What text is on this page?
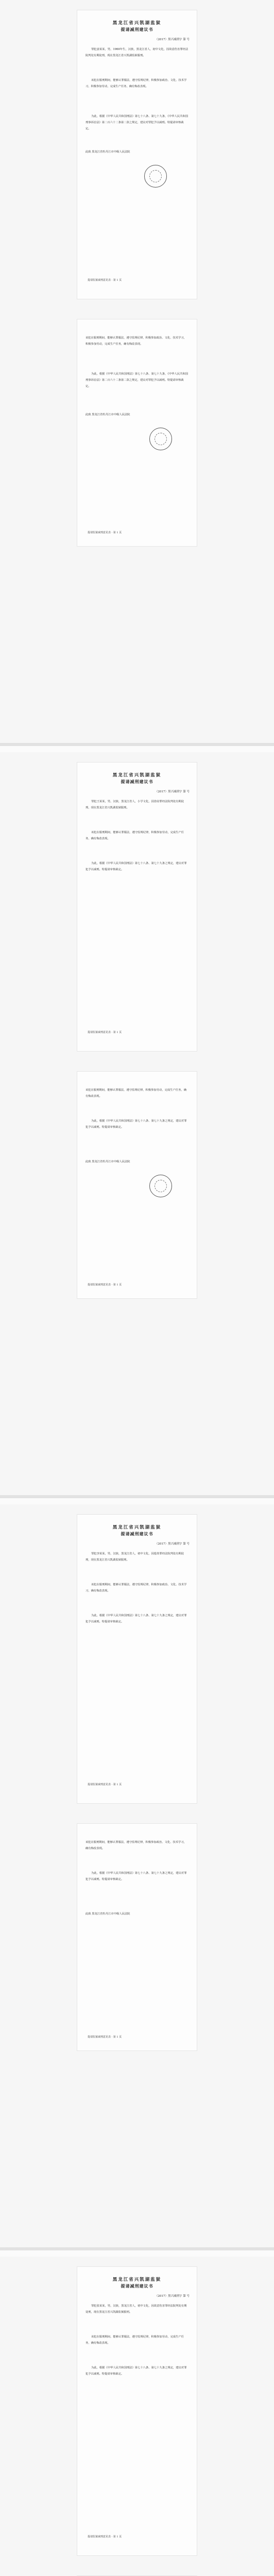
黑龙江省兴凯湖监狱
提请减刑建议书
（2017）黑兴减刑字 第 号
罪犯姜某某，男，1960年生，汉族，黑龙江省人，初中文化，因故意伤害罪经法院判处有期徒刑，现在黑龙江省兴凯湖监狱服刑。
该犯在服刑期间，能够认罪服法，遵守监规纪律，积极参加政治、文化、技术学习，积极参加劳动，完成生产任务，确有悔改表现。
为此，根据《中华人民共和国刑法》第七十八条、第七十九条，《中华人民共和国刑事诉讼法》第二百六十二条第二款之规定，建议对罪犯予以减刑。特提请审核裁定。
此致 黑龙江省牡丹江市中级人民法院
提请监狱减刑意见表 · 第 1 页
该犯在服刑期间，能够认罪服法，遵守监规纪律，积极参加政治、文化、技术学习，积极参加劳动，完成生产任务，确有悔改表现。
为此，根据《中华人民共和国刑法》第七十八条、第七十九条，《中华人民共和国刑事诉讼法》第二百六十二条第二款之规定，建议对罪犯予以减刑。特提请审核裁定。
此致 黑龙江省牡丹江市中级人民法院
提请监狱减刑意见表 · 第 1 页
黑龙江省兴凯湖监狱
提请减刑建议书
（2017）黑兴减刑字 第 号
罪犯王某某，男，汉族，黑龙江省人，小学文化，因盗窃罪经法院判处有期徒刑，现在黑龙江省兴凯湖监狱服刑。
该犯在服刑期间，能够认罪服法，遵守监规纪律，积极参加劳动，完成生产任务，确有悔改表现。
为此，根据《中华人民共和国刑法》第七十八条、第七十九条之规定，建议对罪犯予以减刑。特提请审核裁定。
提请监狱减刑意见表 · 第 1 页
该犯在服刑期间，能够认罪服法，遵守监规纪律，积极参加劳动，完成生产任务，确有悔改表现。
为此，根据《中华人民共和国刑法》第七十八条、第七十九条之规定，建议对罪犯予以减刑。特提请审核裁定。
此致 黑龙江省牡丹江市中级人民法院
提请监狱减刑意见表 · 第 1 页
黑龙江省兴凯湖监狱
提请减刑建议书
（2017）黑兴减刑字 第 号
罪犯李某某，男，汉族，黑龙江省人，初中文化，因抢劫罪经法院判处有期徒刑，现在黑龙江省兴凯湖监狱服刑。
该犯在服刑期间，能够认罪服法，遵守监规纪律，积极参加政治、文化、技术学习，确有悔改表现。
为此，根据《中华人民共和国刑法》第七十八条、第七十九条之规定，建议对罪犯予以减刑。特提请审核裁定。
提请监狱减刑意见表 · 第 1 页
该犯在服刑期间，能够认罪服法，遵守监规纪律，积极参加政治、文化、技术学习，确有悔改表现。
为此，根据《中华人民共和国刑法》第七十八条、第七十九条之规定，建议对罪犯予以减刑。特提请审核裁定。
此致 黑龙江省牡丹江市中级人民法院
提请监狱减刑意见表 · 第 1 页
黑龙江省兴凯湖监狱
提请减刑建议书
（2017）黑兴减刑字 第 号
罪犯张某某，男，汉族，黑龙江省人，初中文化，因故意伤害罪经法院判处有期徒刑，现在黑龙江省兴凯湖监狱服刑。
该犯在服刑期间，能够认罪服法，遵守监规纪律，积极参加劳动，完成生产任务，确有悔改表现。
为此，根据《中华人民共和国刑法》第七十八条、第七十九条之规定，建议对罪犯予以减刑。特提请审核裁定。
提请监狱减刑意见表 · 第 1 页
